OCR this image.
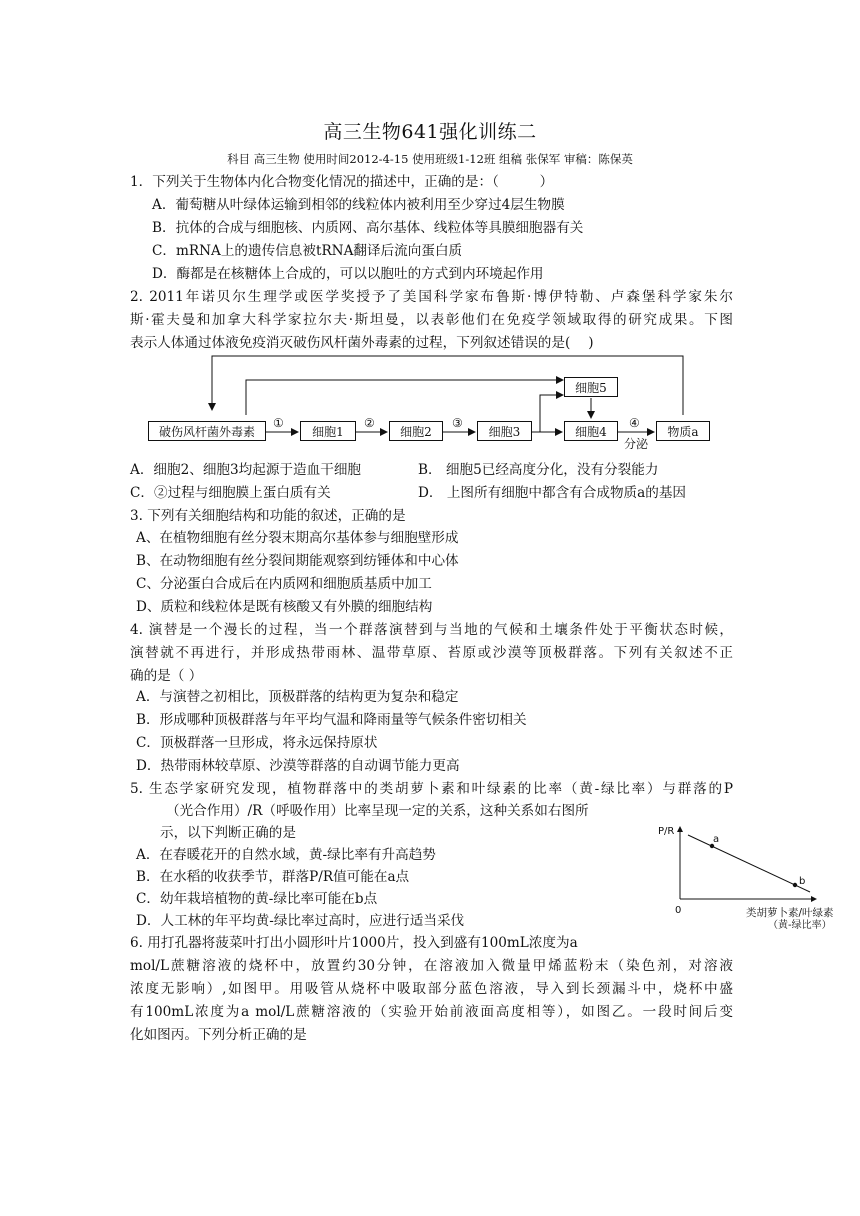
高三生物641强化训练二
科目 高三生物 使用时间2012-4-15 使用班级1-12班 组稿 张保军 审稿：陈保英
1．下列关于生物体内化合物变化情况的描述中，正确的是：（　　　）
A．葡萄糖从叶绿体运输到相邻的线粒体内被利用至少穿过4层生物膜
B．抗体的合成与细胞核、内质网、高尔基体、线粒体等具膜细胞器有关
C．mRNA上的遗传信息被tRNA翻译后流向蛋白质
D．酶都是在核糖体上合成的，可以以胞吐的方式到内环境起作用
2. 2011年诺贝尔生理学或医学奖授予了美国科学家布鲁斯·博伊特勒、卢森堡科学家朱尔
斯·霍夫曼和加拿大科学家拉尔夫·斯坦曼，以表彰他们在免疫学领域取得的研究成果。下图
表示人体通过体液免疫消灭破伤风杆菌外毒素的过程，下列叙述错误的是(　 )
破伤风杆菌外毒素	细胞1	细胞2	细胞3	细胞4
细胞5
物质a
①	②	③	④
分泌
A．细胞2、细胞3均起源于造血干细胞	B． 细胞5已经高度分化，没有分裂能力
C．②过程与细胞膜上蛋白质有关	D． 上图所有细胞中都含有合成物质a的基因
3. 下列有关细胞结构和功能的叙述，正确的是
A、在植物细胞有丝分裂末期高尔基体参与细胞壁形成
B、在动物细胞有丝分裂间期能观察到纺锤体和中心体
C、分泌蛋白合成后在内质网和细胞质基质中加工
D、质粒和线粒体是既有核酸又有外膜的细胞结构
4. 演替是一个漫长的过程，当一个群落演替到与当地的气候和土壤条件处于平衡状态时候，
演替就不再进行，并形成热带雨林、温带草原、苔原或沙漠等顶极群落。下列有关叙述不正
确的是（ ）
A．与演替之初相比，顶极群落的结构更为复杂和稳定
B．形成哪种顶极群落与年平均气温和降雨量等气候条件密切相关
C．顶极群落一旦形成，将永远保持原状
D．热带雨林较草原、沙漠等群落的自动调节能力更高
5. 生态学家研究发现，植物群落中的类胡萝卜素和叶绿素的比率（黄-绿比率）与群落的P
（光合作用）/R（呼吸作用）比率呈现一定的关系，这种关系如右图所
示，以下判断正确的是
A．在春暖花开的自然水域，黄-绿比率有升高趋势
B．在水稻的收获季节，群落P/R值可能在a点
C．幼年栽培植物的黄-绿比率可能在b点
D．人工林的年平均黄-绿比率过高时，应进行适当采伐
P/R
a
b
0	类胡萝卜素/叶绿素
（黄-绿比率）
6. 用打孔器将菠菜叶打出小圆形叶片1000片，投入到盛有100mL浓度为a
mol/L蔗糖溶液的烧杯中，放置约30分钟，在溶液加入微量甲烯蓝粉末（染色剂，对溶液
浓度无影响）,如图甲。用吸管从烧杯中吸取部分蓝色溶液，导入到长颈漏斗中，烧杯中盛
有100mL浓度为a mol/L蔗糖溶液的（实验开始前液面高度相等），如图乙。一段时间后变
化如图丙。下列分析正确的是
